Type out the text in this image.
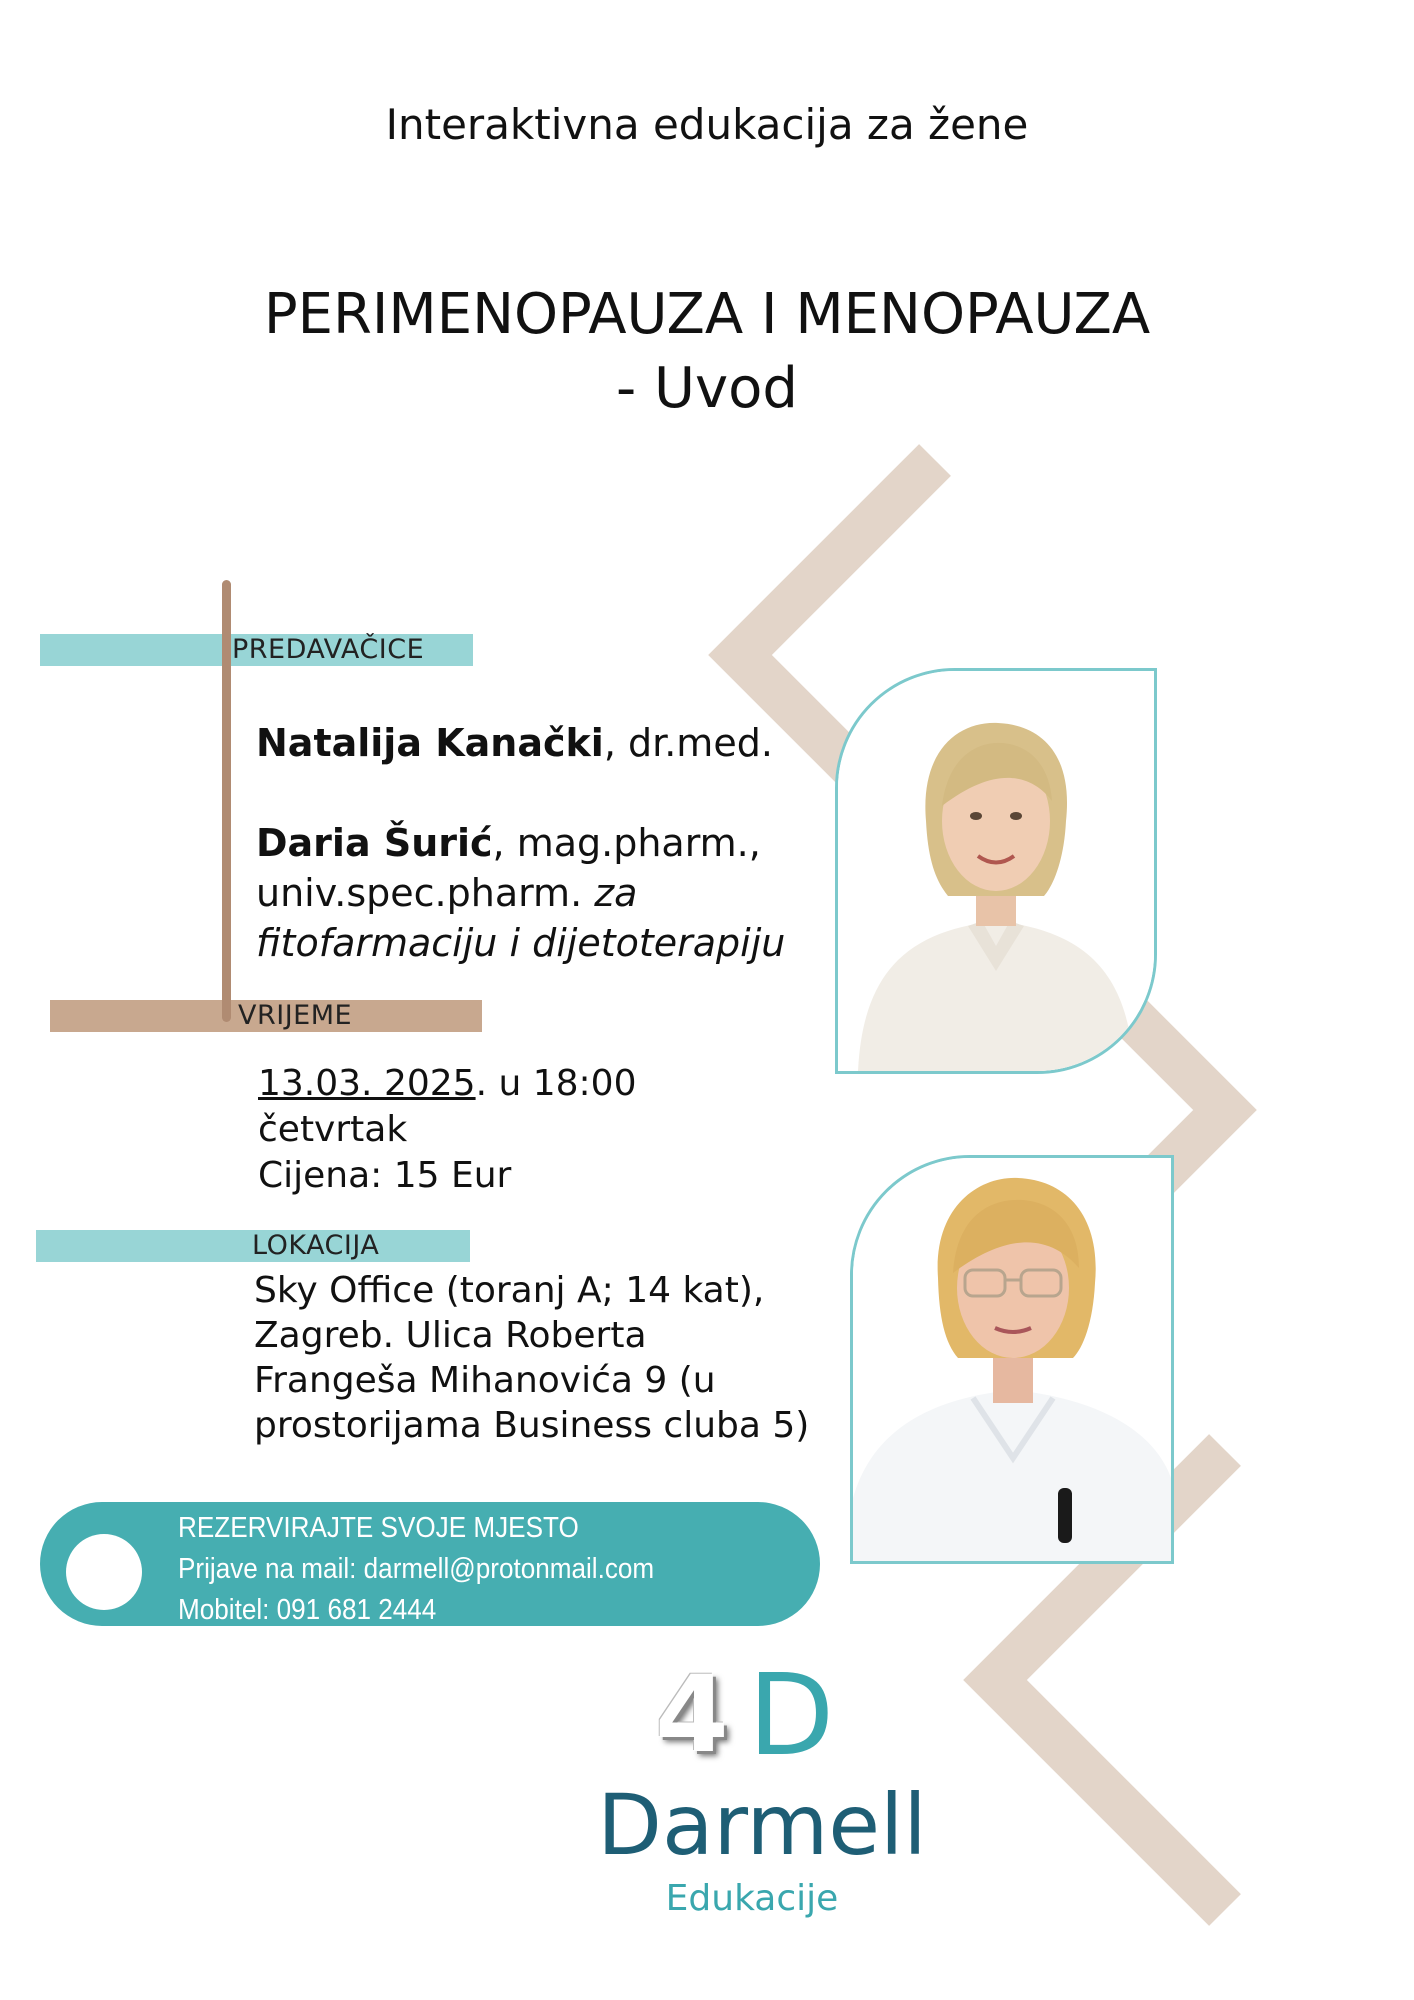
Interaktivna edukacija za žene
PERIMENOPAUZA I MENOPAUZA
- Uvod
PREDAVAČICE
VRIJEME
LOKACIJA
Natalija Kanački, dr.med.
Daria Šurić, mag.pharm.,
univ.spec.pharm. za
fitofarmaciju i dijetoterapiju
13.03. 2025. u 18:00
četvrtak
Cijena: 15 Eur
Sky Office (toranj A; 14 kat),
Zagreb. Ulica Roberta
Frangeša Mihanovića 9 (u
prostorijama Business cluba 5)
REZERVIRAJTE SVOJE MJESTO
Prijave na mail: darmell@protonmail.com
Mobitel: 091 681 2444
4 D
Darmell
Edukacije
